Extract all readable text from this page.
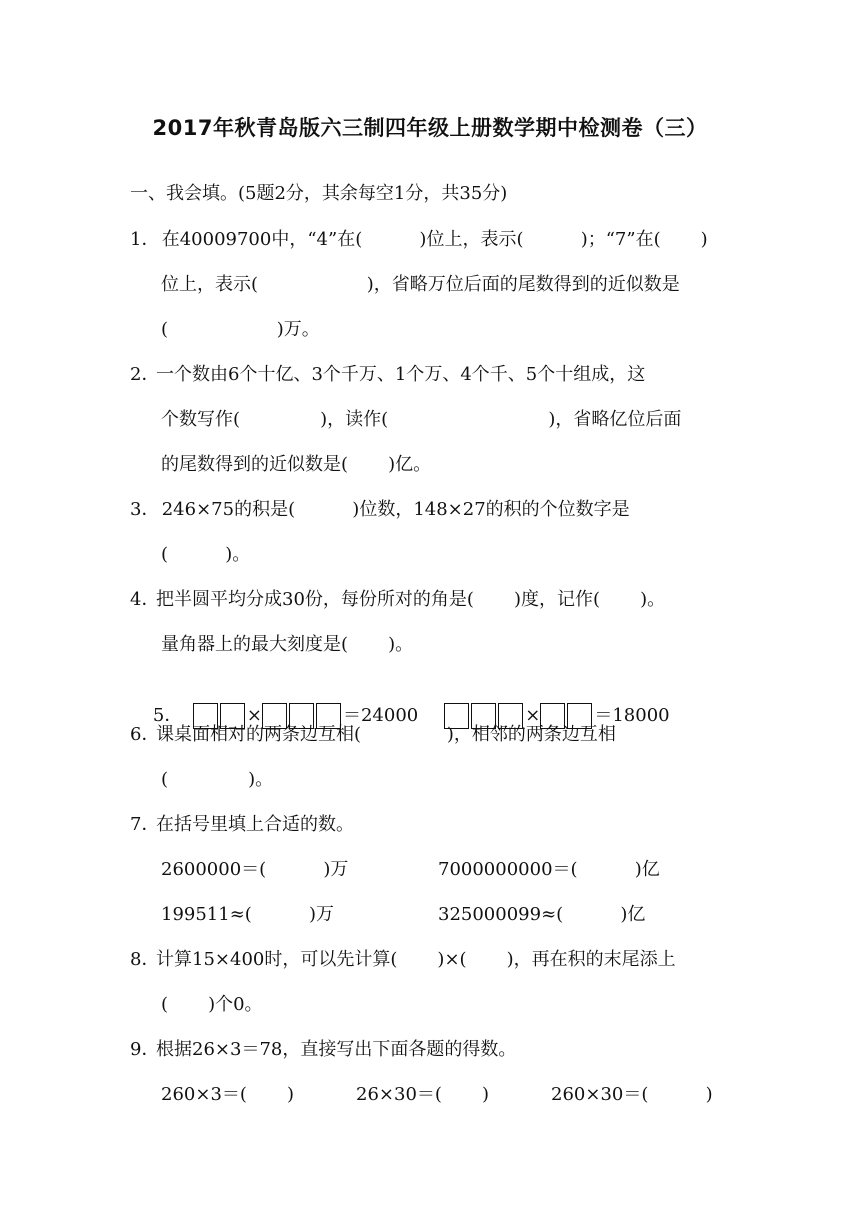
2017年秋青岛版六三制四年级上册数学期中检测卷（三）
一、我会填。(5题2分，其余每空1分，共35分)
1． 在40009700中，“4”在(          )位上，表示(          )；“7”在(       )
位上，表示(                   )，省略万位后面的尾数得到的近似数是
(                   )万。
2．一个数由6个十亿、3个千万、1个万、4个千、5个十组成，这
个数写作(              )，读作(                            )，省略亿位后面
的尾数得到的近似数是(       )亿。
3． 246×75的积是(          )位数，148×27的积的个位数字是
(          )。
4．把半圆平均分成30份，每份所对的角是(       )度，记作(       )。
量角器上的最大刻度是(       )。

5．	×	＝24000	×	＝18000

6．课桌面相对的两条边互相(               )，相邻的两条边互相
(              )。
7．在括号里填上合适的数。
2600000＝(          )万	7000000000＝(          )亿
199511≈(          )万	325000099≈(          )亿
8．计算15×400时，可以先计算(       )×(       )，再在积的末尾添上
(       )个0。
9．根据26×3＝78，直接写出下面各题的得数。
260×3＝(       )	26×30＝(       )	260×30＝(          )
